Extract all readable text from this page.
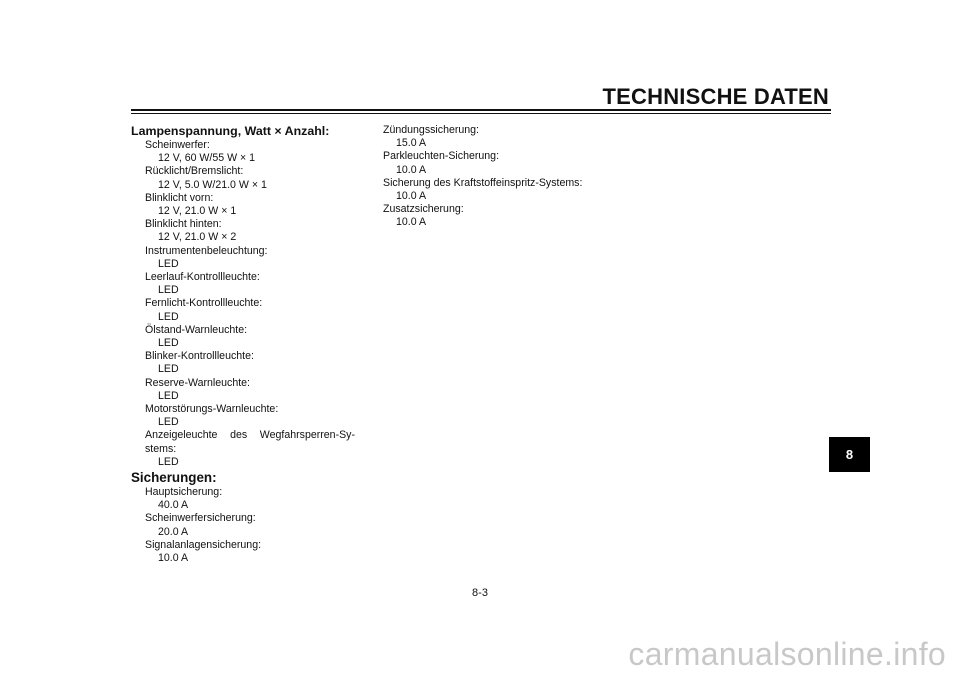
TECHNISCHE DATEN
Lampenspannung, Watt × Anzahl:
Scheinwerfer:
12 V, 60 W/55 W × 1
Rücklicht/Bremslicht:
12 V, 5.0 W/21.0 W × 1
Blinklicht vorn:
12 V, 21.0 W × 1
Blinklicht hinten:
12 V, 21.0 W × 2
Instrumentenbeleuchtung:
LED
Leerlauf-Kontrollleuchte:
LED
Fernlicht-Kontrollleuchte:
LED
Ölstand-Warnleuchte:
LED
Blinker-Kontrollleuchte:
LED
Reserve-Warnleuchte:
LED
Motorstörungs-Warnleuchte:
LED
Anzeigeleuchte des Wegfahrsperren-Sy-
stems:
LED
Sicherungen:
Hauptsicherung:
40.0 A
Scheinwerfersicherung:
20.0 A
Signalanlagensicherung:
10.0 A
Zündungssicherung:
15.0 A
Parkleuchten-Sicherung:
10.0 A
Sicherung des Kraftstoffeinspritz-Systems:
10.0 A
Zusatzsicherung:
10.0 A
8
8-3
carmanualsonline.info
